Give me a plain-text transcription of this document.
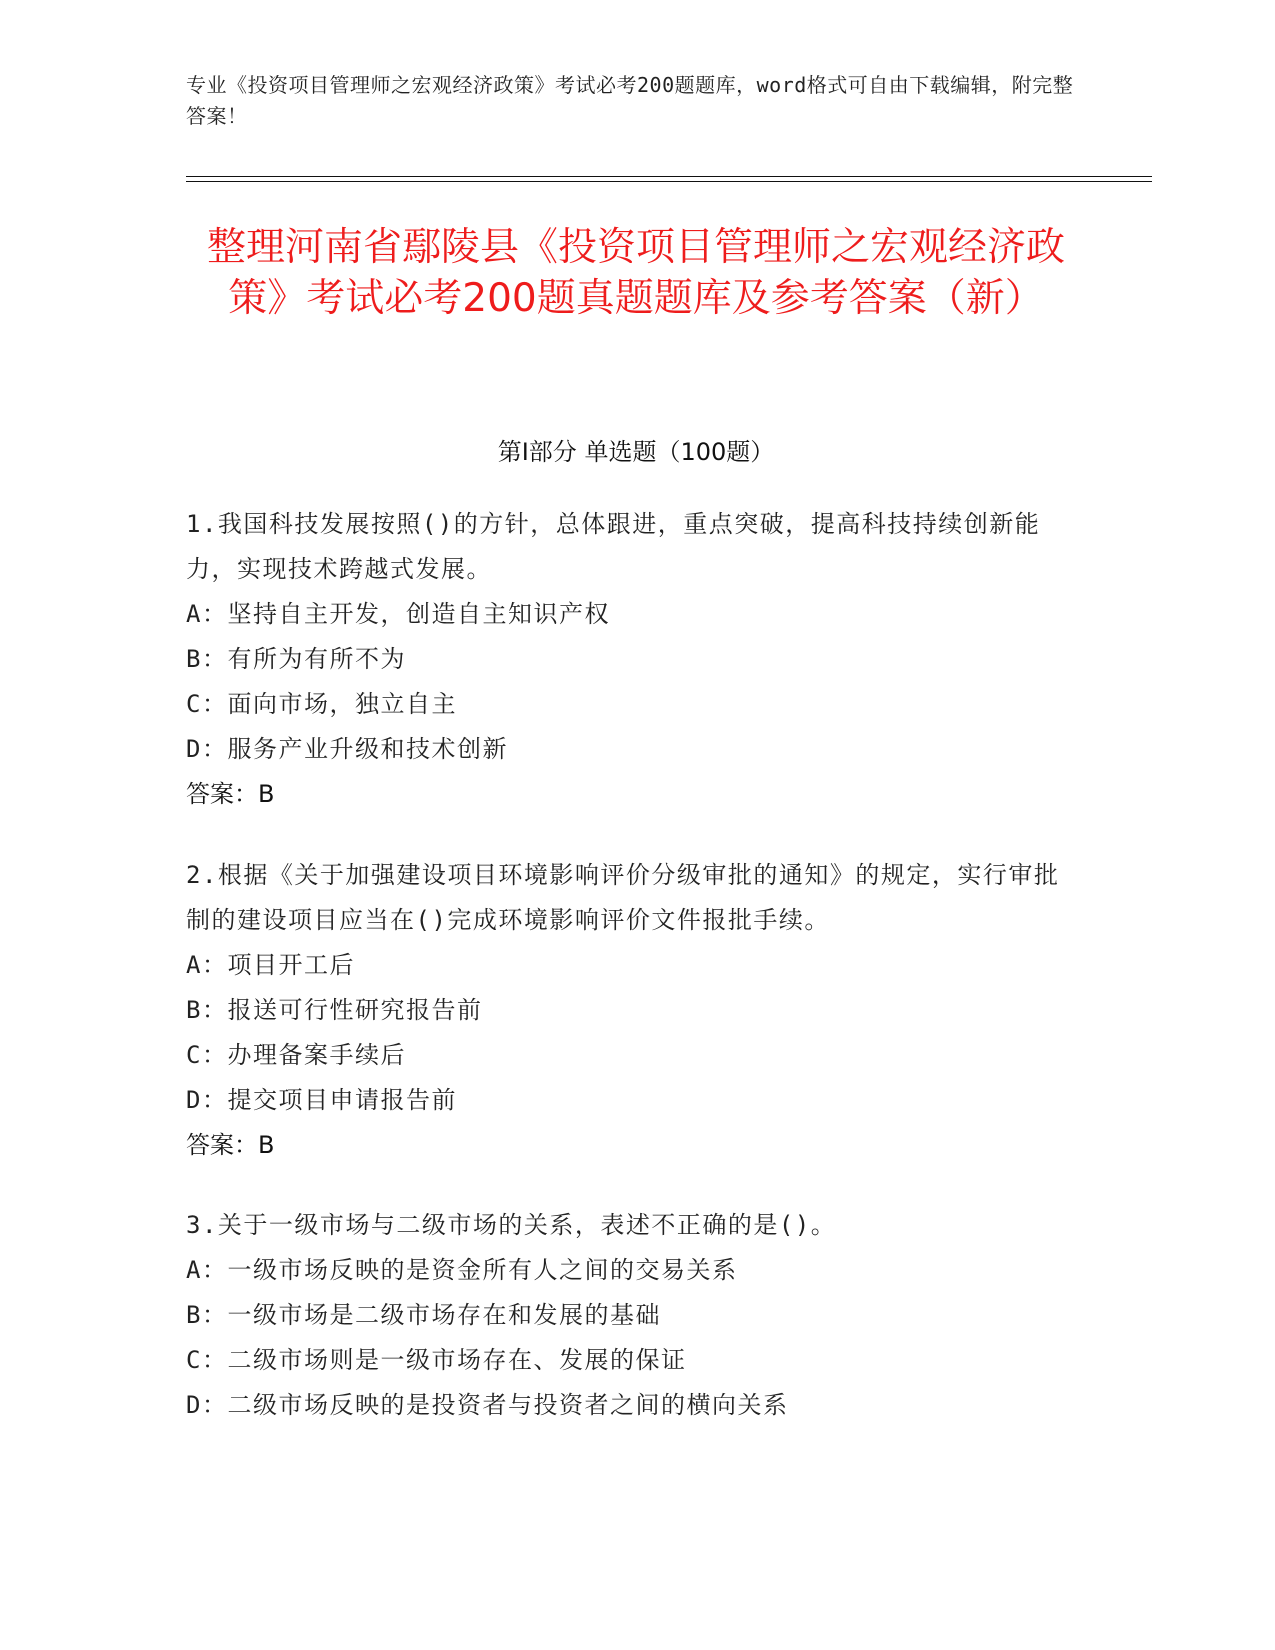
专业《投资项目管理师之宏观经济政策》考试必考200题题库，word格式可自由下载编辑，附完整答案！
整理河南省鄢陵县《投资项目管理师之宏观经济政策》考试必考200题真题题库及参考答案（新）
第I部分 单选题（100题）
1.我国科技发展按照()的方针，总体跟进，重点突破，提高科技持续创新能力，实现技术跨越式发展。
A：坚持自主开发，创造自主知识产权
B：有所为有所不为
C：面向市场，独立自主
D：服务产业升级和技术创新
答案：B
2.根据《关于加强建设项目环境影响评价分级审批的通知》的规定，实行审批制的建设项目应当在()完成环境影响评价文件报批手续。
A：项目开工后
B：报送可行性研究报告前
C：办理备案手续后
D：提交项目申请报告前
答案：B
3.关于一级市场与二级市场的关系，表述不正确的是()。
A：一级市场反映的是资金所有人之间的交易关系
B：一级市场是二级市场存在和发展的基础
C：二级市场则是一级市场存在、发展的保证
D：二级市场反映的是投资者与投资者之间的横向关系
